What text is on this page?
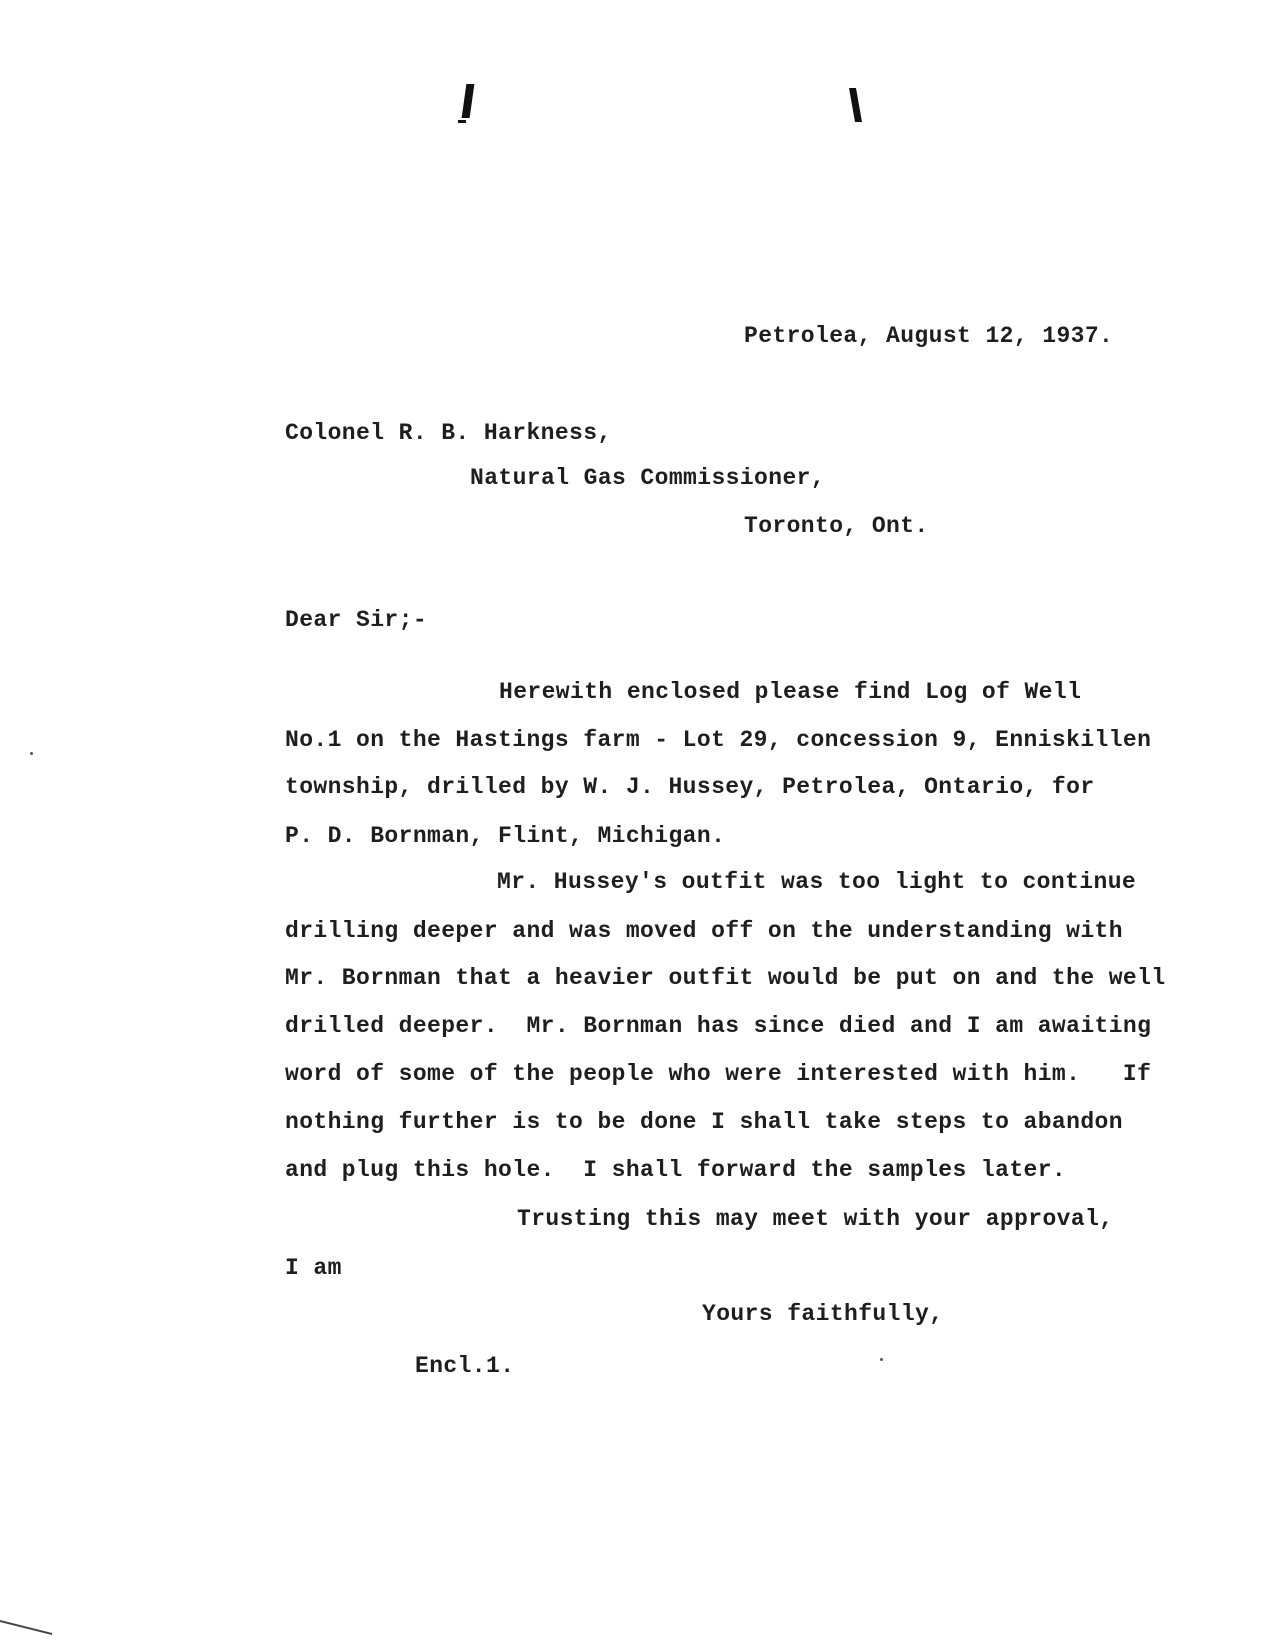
Petrolea, August 12, 1937.
Colonel R. B. Harkness,
Natural Gas Commissioner,
Toronto, Ont.
Dear Sir;-
Herewith enclosed please find Log of Well
No.1 on the Hastings farm - Lot 29, concession 9, Enniskillen
township, drilled by W. J. Hussey, Petrolea, Ontario, for
P. D. Bornman, Flint, Michigan.
Mr. Hussey's outfit was too light to continue
drilling deeper and was moved off on the understanding with
Mr. Bornman that a heavier outfit would be put on and the well
drilled deeper.  Mr. Bornman has since died and I am awaiting
word of some of the people who were interested with him.   If
nothing further is to be done I shall take steps to abandon
and plug this hole.  I shall forward the samples later.
Trusting this may meet with your approval,
I am
Yours faithfully,
Encl.1.
